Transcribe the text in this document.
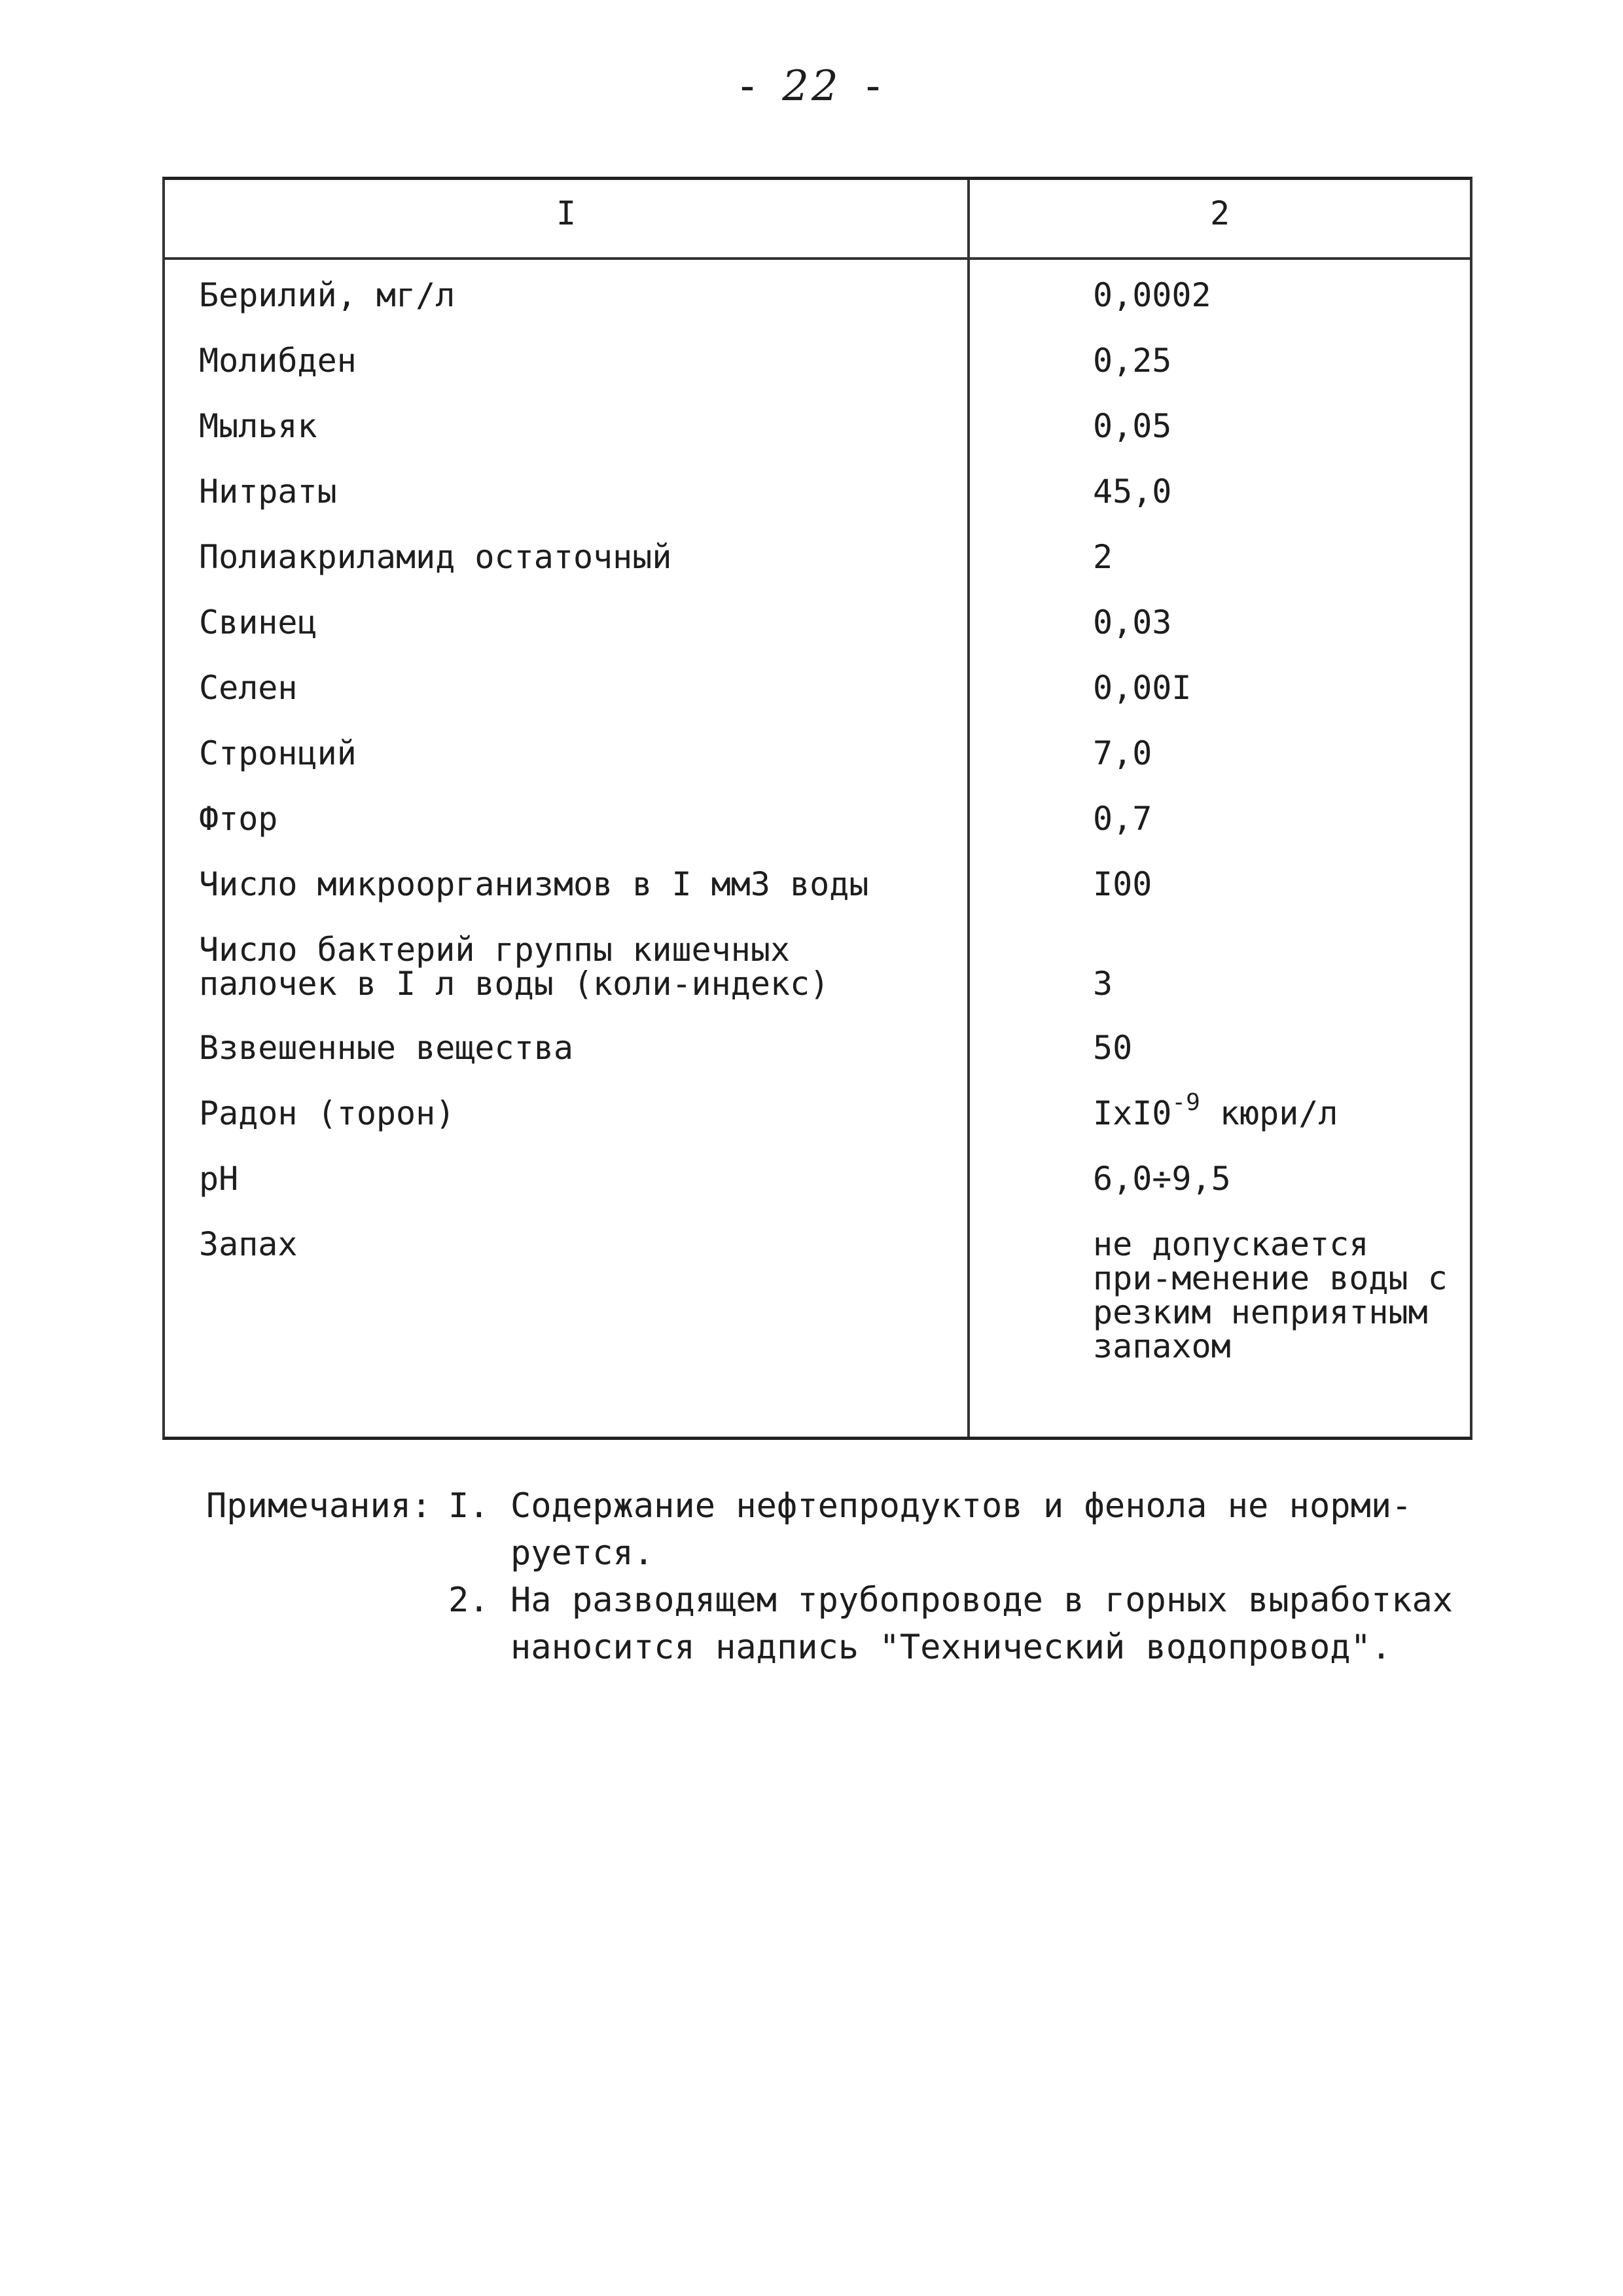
- 22 -
I	2
Берилий, мг/л	0,0002
Молибден	0,25
Мыльяк	0,05
Нитраты	45,0
Полиакриламид остаточный	2
Свинец	0,03
Селен	0,00I
Стронций	7,0
Фтор	0,7
Число микроорганизмов в I мм3 воды	I00
Число бактерий группы кишечных палочек в I л воды (коли-индекс)	3
Взвешенные вещества	50
Радон (торон)	$IxI0^{-9}$ кюри/л
рН	6,0÷9,5
Запах	не допускается при-менение воды с резким неприятным запахом
Примечания: I. Содержание нефтепродуктов и фенола не норми-
руется.
2. На разводящем трубопроводе в горных выработках
наносится надпись "Технический водопровод".
